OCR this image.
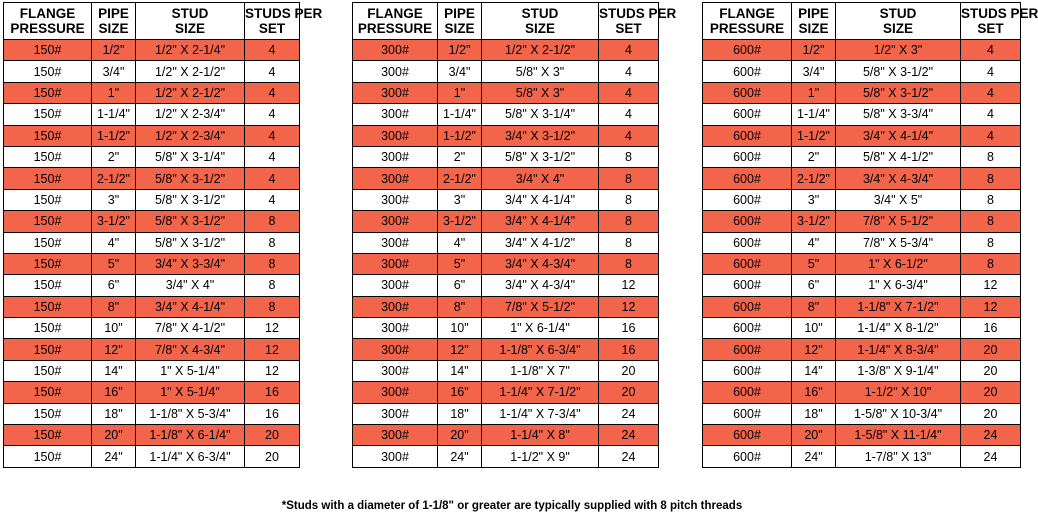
FLANGE
PRESSURE	PIPE
SIZE	STUD
SIZE	STUDS PER
SET
150#	1/2"	1/2" X 2-1/4"	4
150#	3/4"	1/2" X 2-1/2"	4
150#	1"	1/2" X 2-1/2"	4
150#	1-1/4"	1/2" X 2-3/4"	4
150#	1-1/2"	1/2" X 2-3/4"	4
150#	2"	5/8" X 3-1/4"	4
150#	2-1/2"	5/8" X 3-1/2"	4
150#	3"	5/8" X 3-1/2"	4
150#	3-1/2"	5/8" X 3-1/2"	8
150#	4"	5/8" X 3-1/2"	8
150#	5"	3/4" X 3-3/4"	8
150#	6"	3/4" X 4"	8
150#	8"	3/4" X 4-1/4"	8
150#	10"	7/8" X 4-1/2"	12
150#	12"	7/8" X 4-3/4"	12
150#	14"	1" X 5-1/4"	12
150#	16"	1" X 5-1/4"	16
150#	18"	1-1/8" X 5-3/4"	16
150#	20"	1-1/8" X 6-1/4"	20
150#	24"	1-1/4" X 6-3/4"	20
FLANGE
PRESSURE	PIPE
SIZE	STUD
SIZE	STUDS PER
SET
300#	1/2"	1/2" X 2-1/2"	4
300#	3/4"	5/8" X 3"	4
300#	1"	5/8" X 3"	4
300#	1-1/4"	5/8" X 3-1/4"	4
300#	1-1/2"	3/4" X 3-1/2"	4
300#	2"	5/8" X 3-1/2"	8
300#	2-1/2"	3/4" X 4"	8
300#	3"	3/4" X 4-1/4"	8
300#	3-1/2"	3/4" X 4-1/4"	8
300#	4"	3/4" X 4-1/2"	8
300#	5"	3/4" X 4-3/4"	8
300#	6"	3/4" X 4-3/4"	12
300#	8"	7/8" X 5-1/2"	12
300#	10"	1" X 6-1/4"	16
300#	12"	1-1/8" X 6-3/4"	16
300#	14"	1-1/8" X 7"	20
300#	16"	1-1/4" X 7-1/2"	20
300#	18"	1-1/4" X 7-3/4"	24
300#	20"	1-1/4" X 8"	24
300#	24"	1-1/2" X 9"	24
FLANGE
PRESSURE	PIPE
SIZE	STUD
SIZE	STUDS PER
SET
600#	1/2"	1/2" X 3"	4
600#	3/4"	5/8" X 3-1/2"	4
600#	1"	5/8" X 3-1/2"	4
600#	1-1/4"	5/8" X 3-3/4"	4
600#	1-1/2"	3/4" X 4-1/4"	4
600#	2"	5/8" X 4-1/2"	8
600#	2-1/2"	3/4" X 4-3/4"	8
600#	3"	3/4" X 5"	8
600#	3-1/2"	7/8" X 5-1/2"	8
600#	4"	7/8" X 5-3/4"	8
600#	5"	1" X 6-1/2"	8
600#	6"	1" X 6-3/4"	12
600#	8"	1-1/8" X 7-1/2"	12
600#	10"	1-1/4" X 8-1/2"	16
600#	12"	1-1/4" X 8-3/4"	20
600#	14"	1-3/8" X 9-1/4"	20
600#	16"	1-1/2" X 10"	20
600#	18"	1-5/8" X 10-3/4"	20
600#	20"	1-5/8" X 11-1/4"	24
600#	24"	1-7/8" X 13"	24
*Studs with a diameter of 1-1/8" or greater are typically supplied with 8 pitch threads
